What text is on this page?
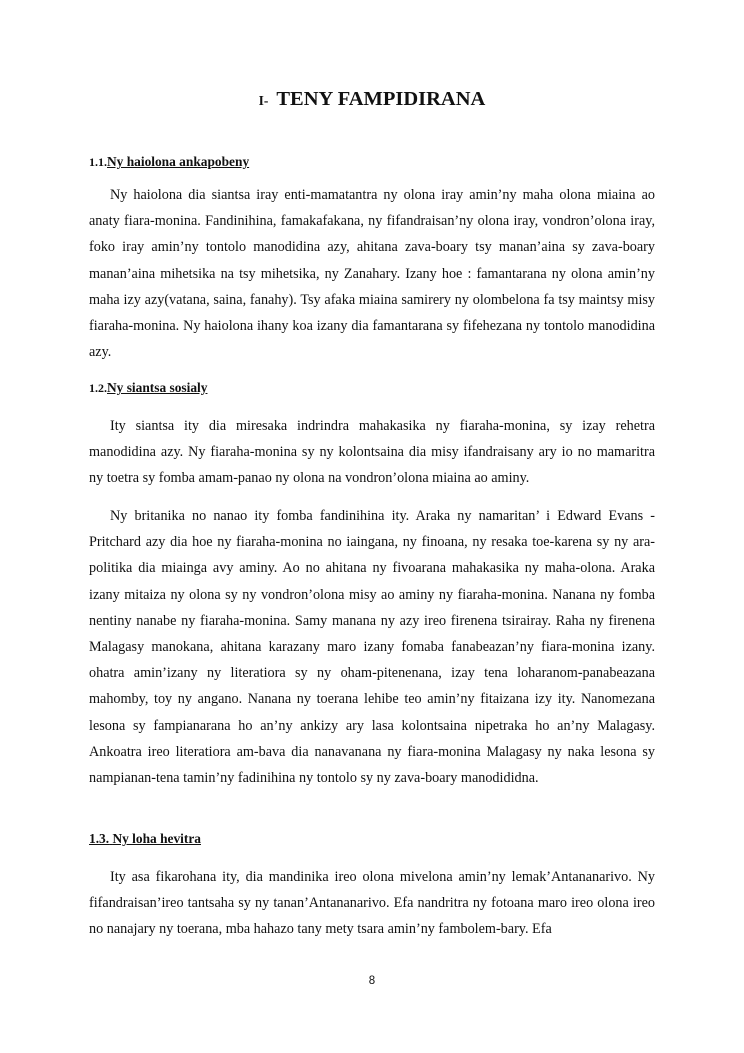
I- TENY FAMPIDIRANA
1.1.Ny haiolona ankapobeny

Ny haiolona dia siantsa iray enti-mamatantra ny olona iray amin’ny maha olona miaina ao anaty fiara-monina. Fandinihina, famakafakana, ny fifandraisan’ny olona iray, vondron’olona iray, foko iray amin’ny tontolo manodidina azy, ahitana zava-boary tsy manan’aina sy zava-boary manan’aina mihetsika na tsy mihetsika, ny Zanahary. Izany hoe : famantarana ny olona amin’ny maha izy azy(vatana, saina, fanahy). Tsy afaka miaina samirery ny olombelona fa tsy maintsy misy fiaraha-monina. Ny haiolona ihany koa izany dia famantarana sy fifehezana ny tontolo manodidina azy.

1.2.Ny siantsa sosialy

Ity siantsa ity dia miresaka indrindra mahakasika ny fiaraha-monina, sy izay rehetra manodidina azy. Ny fiaraha-monina sy ny kolontsaina dia misy ifandraisany ary io no mamaritra ny toetra sy fomba amam-panao ny olona na vondron’olona miaina ao aminy.

Ny britanika no nanao ity fomba fandinihina ity. Araka ny namaritan’ i Edward Evans - Pritchard azy dia hoe ny fiaraha-monina no iaingana, ny finoana, ny resaka toe-karena sy ny ara-politika dia miainga avy aminy. Ao no ahitana ny fivoarana mahakasika ny maha-olona. Araka izany mitaiza ny olona sy ny vondron’olona misy ao aminy ny fiaraha-monina. Nanana ny fomba nentiny nanabe ny fiaraha-monina. Samy manana ny azy ireo firenena tsirairay. Raha ny firenena Malagasy manokana, ahitana karazany maro izany fomaba fanabeazan’ny fiara-monina izany. ohatra amin’izany ny literatiora sy ny oham-pitenenana, izay tena loharanom-panabeazana mahomby, toy ny angano. Nanana ny toerana lehibe teo amin’ny fitaizana izy ity. Nanomezana lesona sy fampianarana ho an’ny ankizy ary lasa kolontsaina nipetraka ho an’ny Malagasy. Ankoatra ireo literatiora am-bava dia nanavanana ny fiara-monina Malagasy ny naka lesona sy nampianan-tena tamin’ny fadinihina ny tontolo sy ny zava-boary manodididna.

1.3. Ny loha hevitra

Ity asa fikarohana ity, dia mandinika ireo olona mivelona amin’ny lemak’Antananarivo. Ny fifandraisan’ireo tantsaha sy ny tanan’Antananarivo. Efa nandritra ny fotoana maro ireo olona ireo no nanajary ny toerana, mba hahazo tany mety tsara amin’ny fambolem-bary. Efa

8
